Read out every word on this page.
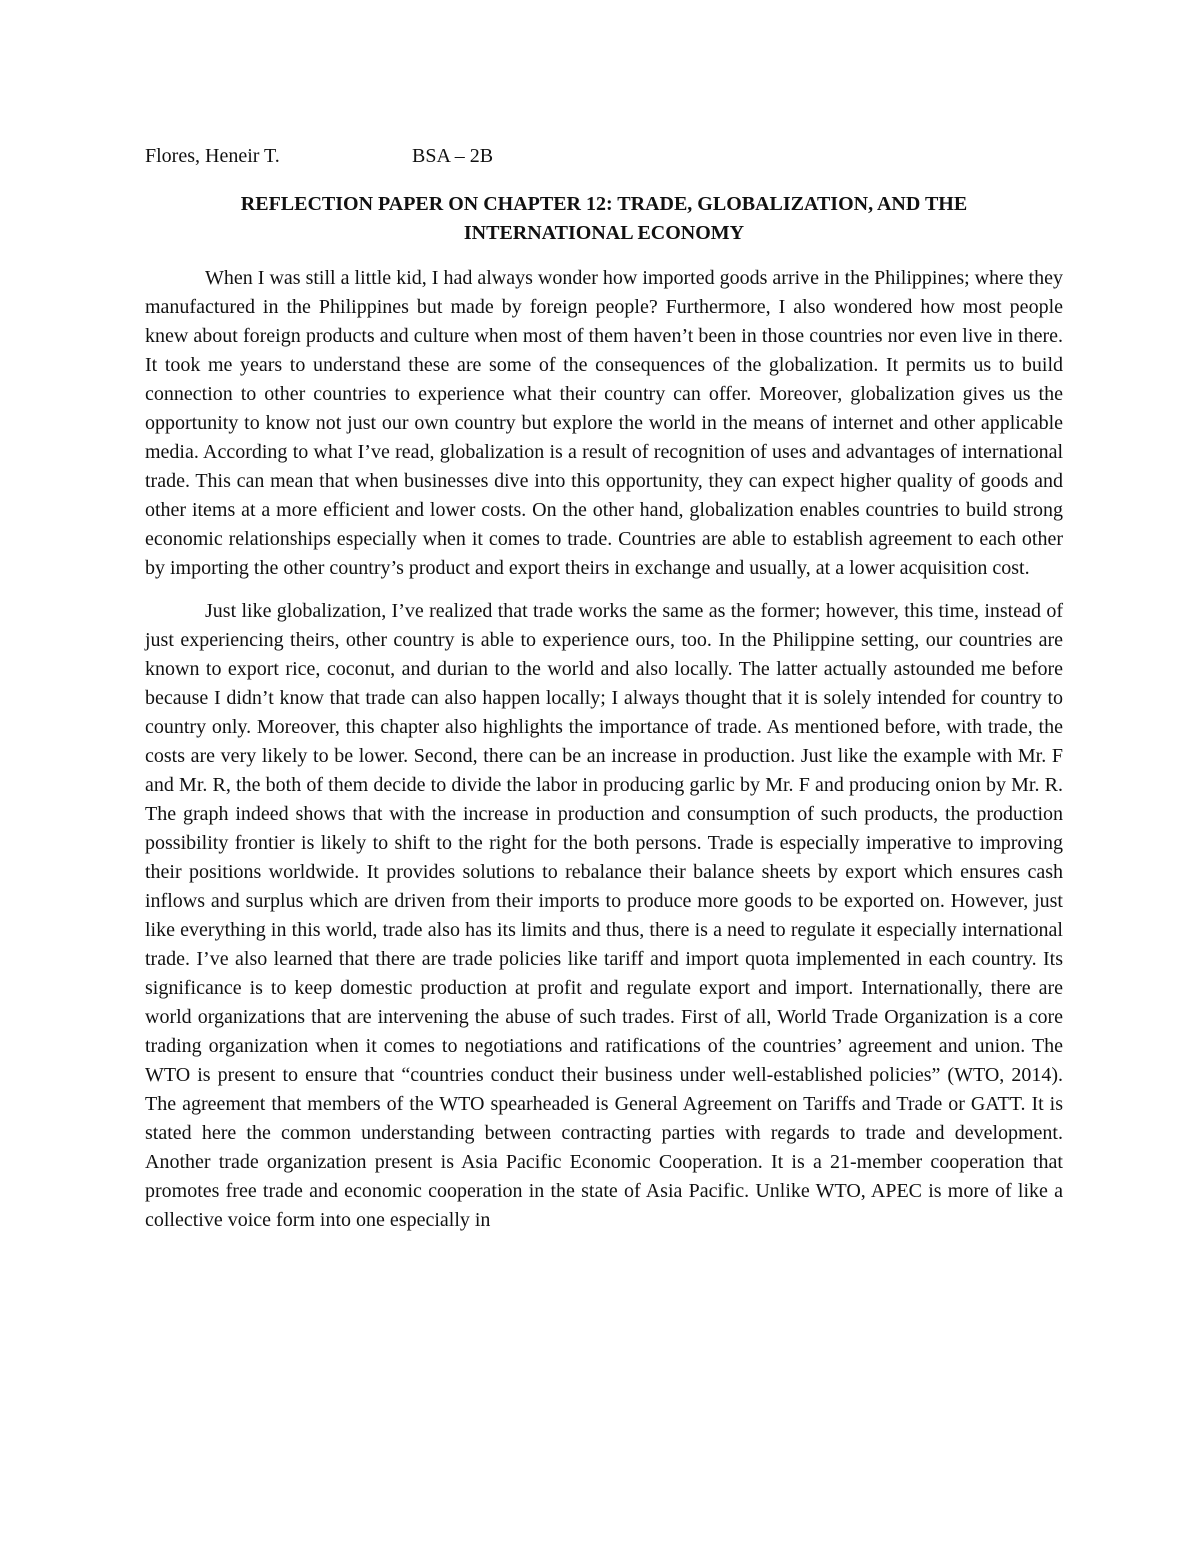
Flores, Heneir T.	BSA – 2B
REFLECTION PAPER ON CHAPTER 12: TRADE, GLOBALIZATION, AND THE
INTERNATIONAL ECONOMY

When I was still a little kid, I had always wonder how imported goods arrive in the Philippines; where they manufactured in the Philippines but made by foreign people? Furthermore, I also wondered how most people knew about foreign products and culture when most of them haven’t been in those countries nor even live in there. It took me years to understand these are some of the consequences of the globalization. It permits us to build connection to other countries to experience what their country can offer. Moreover, globalization gives us the opportunity to know not just our own country but explore the world in the means of internet and other applicable media. According to what I’ve read, globalization is a result of recognition of uses and advantages of international trade. This can mean that when businesses dive into this opportunity, they can expect higher quality of goods and other items at a more efficient and lower costs. On the other hand, globalization enables countries to build strong economic relationships especially when it comes to trade. Countries are able to establish agreement to each other by importing the other country’s product and export theirs in exchange and usually, at a lower acquisition cost.

Just like globalization, I’ve realized that trade works the same as the former; however, this time, instead of just experiencing theirs, other country is able to experience ours, too. In the Philippine setting, our countries are known to export rice, coconut, and durian to the world and also locally. The latter actually astounded me before because I didn’t know that trade can also happen locally; I always thought that it is solely intended for country to country only. Moreover, this chapter also highlights the importance of trade. As mentioned before, with trade, the costs are very likely to be lower. Second, there can be an increase in production. Just like the example with Mr. F and Mr. R, the both of them decide to divide the labor in producing garlic by Mr. F and producing onion by Mr. R. The graph indeed shows that with the increase in production and consumption of such products, the production possibility frontier is likely to shift to the right for the both persons. Trade is especially imperative to improving their positions worldwide. It provides solutions to rebalance their balance sheets by export which ensures cash inflows and surplus which are driven from their imports to produce more goods to be exported on. However, just like everything in this world, trade also has its limits and thus, there is a need to regulate it especially international trade. I’ve also learned that there are trade policies like tariff and import quota implemented in each country. Its significance is to keep domestic production at profit and regulate export and import. Internationally, there are world organizations that are intervening the abuse of such trades. First of all, World Trade Organization is a core trading organization when it comes to negotiations and ratifications of the countries’ agreement and union. The WTO is present to ensure that “countries conduct their business under well-established policies” (WTO, 2014). The agreement that members of the WTO spearheaded is General Agreement on Tariffs and Trade or GATT. It is stated here the common understanding between contracting parties with regards to trade and development. Another trade organization present is Asia Pacific Economic Cooperation. It is a 21-member cooperation that promotes free trade and economic cooperation in the state of Asia Pacific. Unlike WTO, APEC is more of like a collective voice form into one especially in
